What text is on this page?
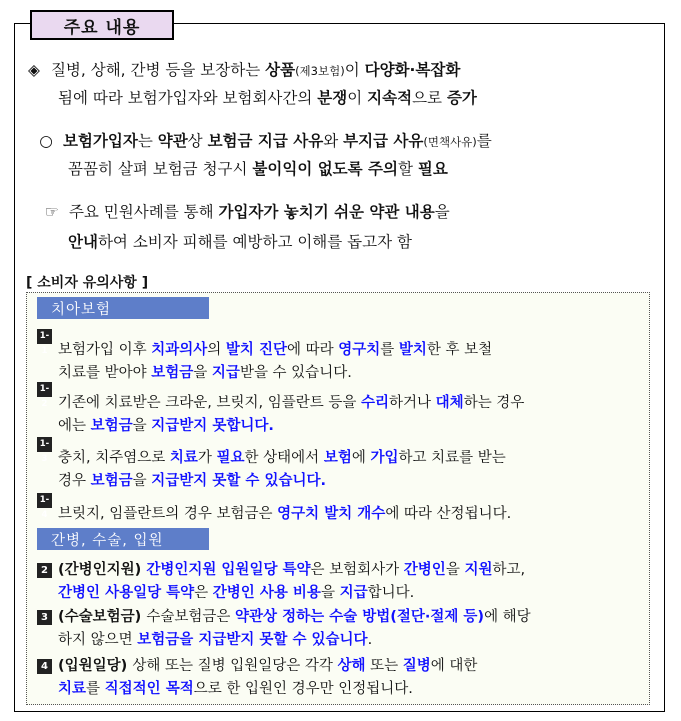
주요 내용
◈ 질병, 상해, 간병 등을 보장하는 상품(제3보험)이 다양화·복잡화
됨에 따라 보험가입자와 보험회사간의 분쟁이 지속적으로 증가
○ 보험가입자는 약관상 보험금 지급 사유와 부지급 사유(면책사유)를
꼼꼼히 살펴 보험금 청구시 불이익이 없도록 주의할 필요
☞ 주요 민원사례를 통해 가입자가 놓치기 쉬운 약관 내용을
안내하여 소비자 피해를 예방하고 이해를 돕고자 함
[ 소비자 유의사항 ]
치아보험
1-1 보험가입 이후 치과의사의 발치 진단에 따라 영구치를 발치한 후 보철
치료를 받아야 보험금을 지급받을 수 있습니다.
1-2 기존에 치료받은 크라운, 브릿지, 임플란트 등을 수리하거나 대체하는 경우
에는 보험금을 지급받지 못합니다.
1-3 충치, 치주염으로 치료가 필요한 상태에서 보험에 가입하고 치료를 받는
경우 보험금을 지급받지 못할 수 있습니다.
1-4 브릿지, 임플란트의 경우 보험금은 영구치 발치 개수에 따라 산정됩니다.
간병, 수술, 입원
2 (간병인지원) 간병인지원 입원일당 특약은 보험회사가 간병인을 지원하고,
간병인 사용일당 특약은 간병인 사용 비용을 지급합니다.
3 (수술보험금) 수술보험금은 약관상 정하는 수술 방법(절단·절제 등)에 해당
하지 않으면 보험금을 지급받지 못할 수 있습니다.
4 (입원일당) 상해 또는 질병 입원일당은 각각 상해 또는 질병에 대한
치료를 직접적인 목적으로 한 입원인 경우만 인정됩니다.
